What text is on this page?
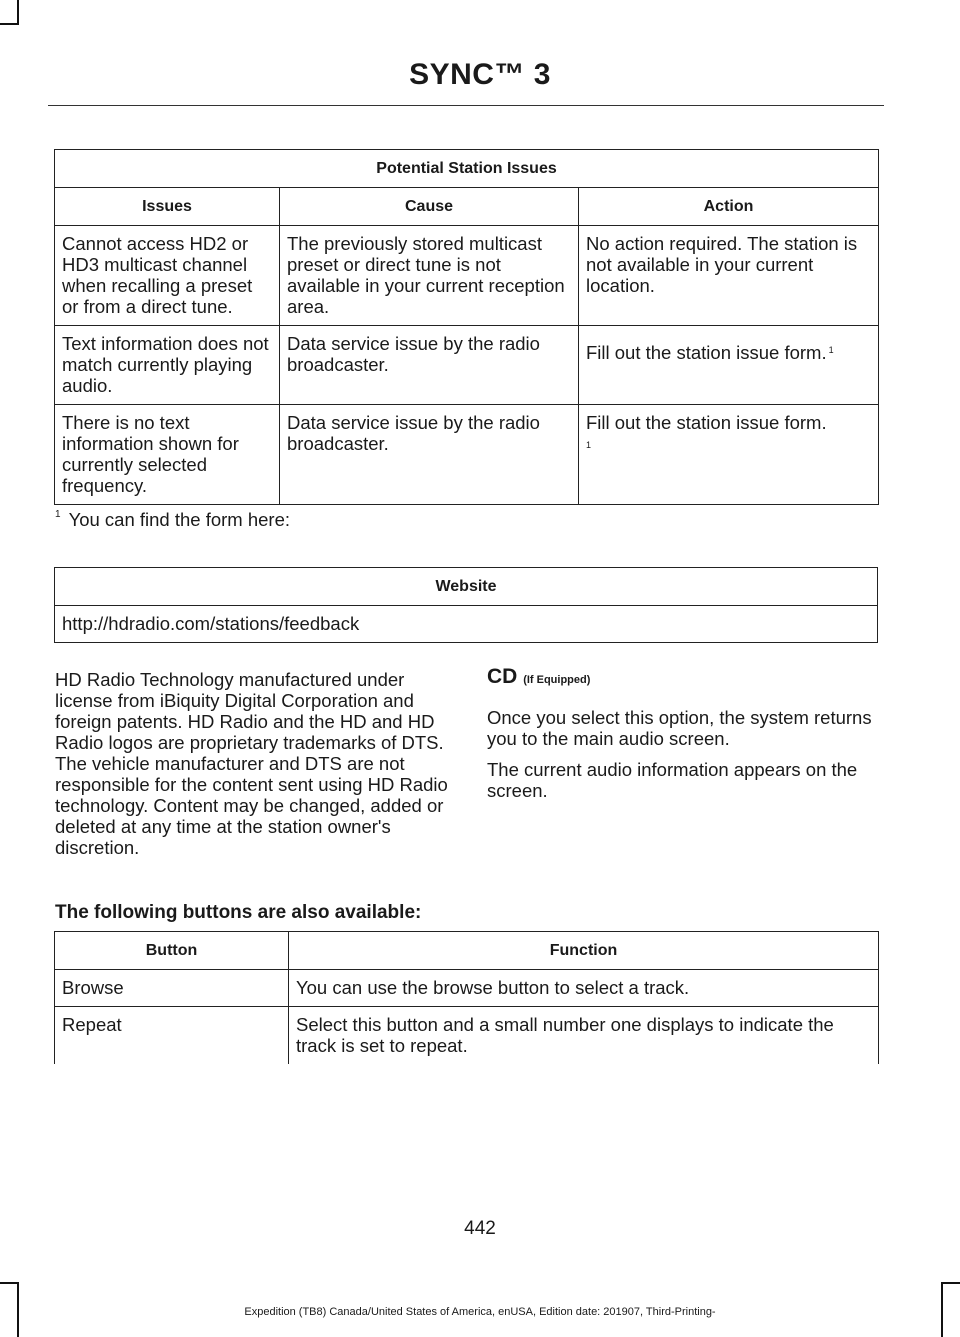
SYNC™ 3
Potential Station Issues		
Issues	Cause	Action
Cannot access HD2 or HD3 multicast channel when recalling a preset or from a direct tune.	The previously stored multicast preset or direct tune is not available in your current reception area.	No action required. The station is not available in your current location.
Text information does not match currently playing audio.	Data service issue by the radio broadcaster.	Fill out the station issue form. $^1$
There is no text information shown for currently selected frequency.	Data service issue by the radio broadcaster.	Fill out the station issue form.
1
$^1$ You can find the form here:
Website
http://hdradio.com/stations/feedback

HD Radio Technology manufactured under license from iBiquity Digital Corporation and foreign patents. HD Radio and the HD and HD Radio logos are proprietary trademarks of DTS. The vehicle manufacturer and DTS are not responsible for the content sent using HD Radio technology. Content may be changed, added or deleted at any time at the station owner's discretion.

CD (If Equipped)

Once you select this option, the system returns you to the main audio screen.

The current audio information appears on the screen.

The following buttons are also available:
Button	Function
Browse	You can use the browse button to select a track.
Repeat	Select this button and a small number one displays to indicate the track is set to repeat.
442
Expedition (TB8) Canada/United States of America, enUSA, Edition date: 201907, Third-Printing-
